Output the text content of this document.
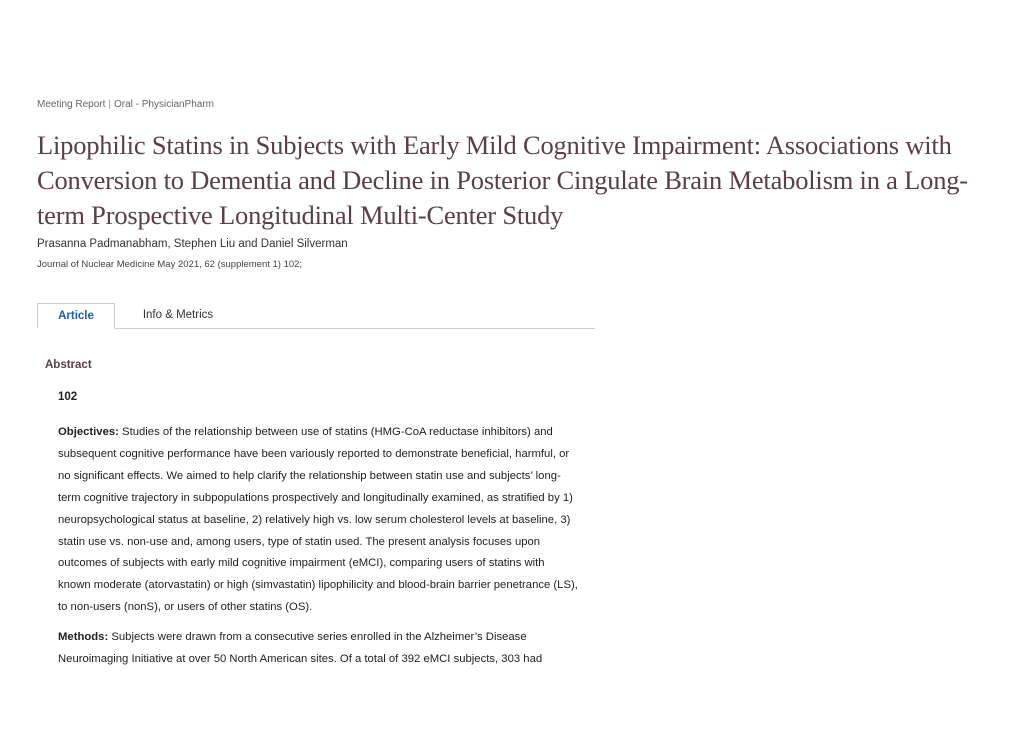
Meeting Report | Oral - PhysicianPharm
Lipophilic Statins in Subjects with Early Mild Cognitive Impairment: Associations with Conversion to Dementia and Decline in Posterior Cingulate Brain Metabolism in a Long-term Prospective Longitudinal Multi-Center Study
Prasanna Padmanabham, Stephen Liu and Daniel Silverman
Journal of Nuclear Medicine May 2021, 62 (supplement 1) 102;
Article	Info & Metrics
Abstract
102

Objectives: Studies of the relationship between use of statins (HMG-CoA reductase inhibitors) and subsequent cognitive performance have been variously reported to demonstrate beneficial, harmful, or no significant effects. We aimed to help clarify the relationship between statin use and subjects’ long-term cognitive trajectory in subpopulations prospectively and longitudinally examined, as stratified by 1) neuropsychological status at baseline, 2) relatively high vs. low serum cholesterol levels at baseline, 3) statin use vs. non-use and, among users, type of statin used. The present analysis focuses upon outcomes of subjects with early mild cognitive impairment (eMCI), comparing users of statins with known moderate (atorvastatin) or high (simvastatin) lipophilicity and blood-brain barrier penetrance (LS), to non-users (nonS), or users of other statins (OS).

Methods: Subjects were drawn from a consecutive series enrolled in the Alzheimer’s Disease Neuroimaging Initiative at over 50 North American sites. Of a total of 392 eMCI subjects, 303 had
